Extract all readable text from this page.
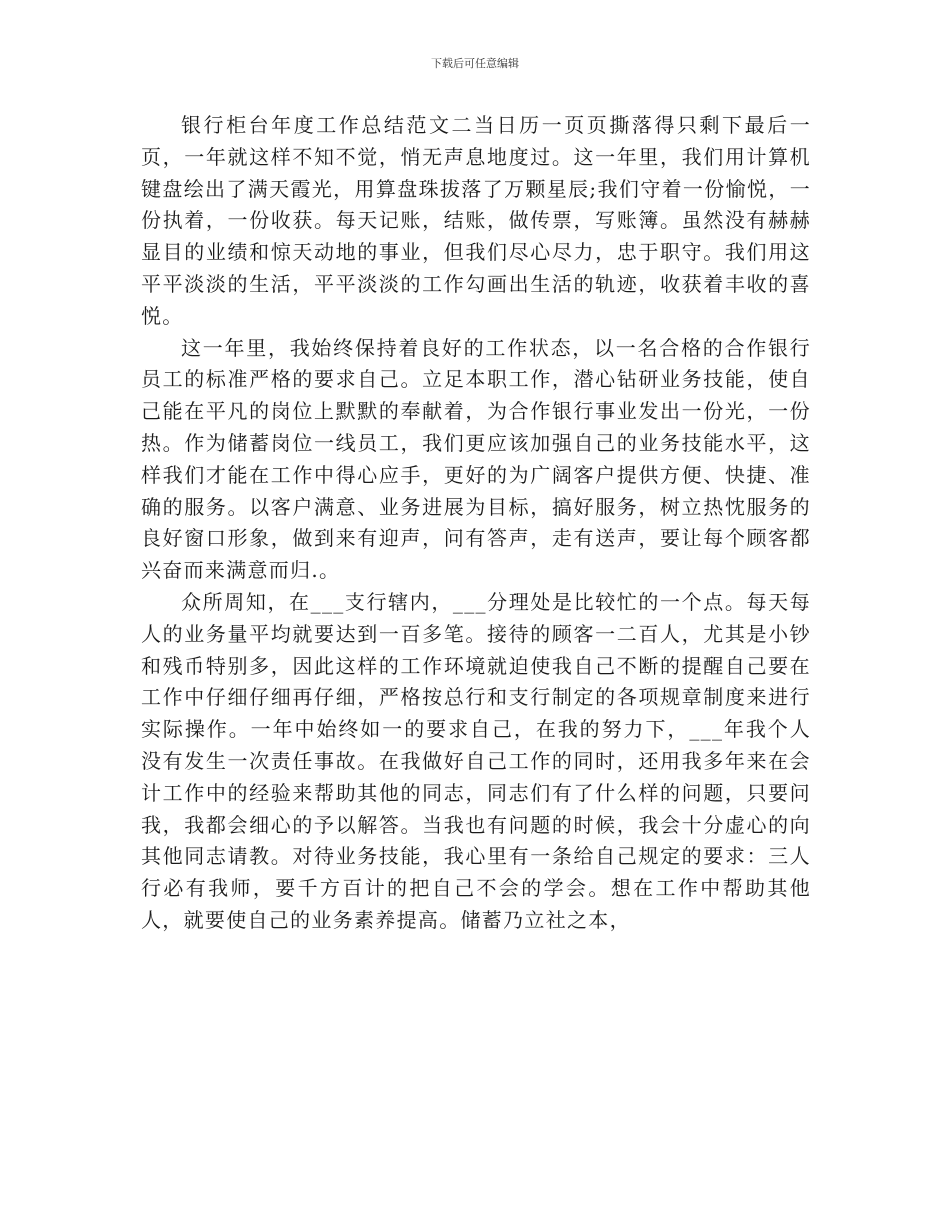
下载后可任意编辑

银行柜台年度工作总结范文二当日历一页页撕落得只剩下最后一页，一年就这样不知不觉，悄无声息地度过。这一年里，我们用计算机键盘绘出了满天霞光，用算盘珠拔落了万颗星辰;我们守着一份愉悦，一份执着，一份收获。每天记账，结账，做传票，写账簿。虽然没有赫赫显目的业绩和惊天动地的事业，但我们尽心尽力，忠于职守。我们用这平平淡淡的生活，平平淡淡的工作勾画出生活的轨迹，收获着丰收的喜悦。

这一年里，我始终保持着良好的工作状态，以一名合格的合作银行员工的标准严格的要求自己。立足本职工作，潜心钻研业务技能，使自己能在平凡的岗位上默默的奉献着，为合作银行事业发出一份光，一份热。作为储蓄岗位一线员工，我们更应该加强自己的业务技能水平，这样我们才能在工作中得心应手，更好的为广阔客户提供方便、快捷、准确的服务。以客户满意、业务进展为目标，搞好服务，树立热忱服务的良好窗口形象，做到来有迎声，问有答声，走有送声，要让每个顾客都兴奋而来满意而归.。

众所周知，在___支行辖内，___分理处是比较忙的一个点。每天每人的业务量平均就要达到一百多笔。接待的顾客一二百人，尤其是小钞和残币特别多，因此这样的工作环境就迫使我自己不断的提醒自己要在工作中仔细仔细再仔细，严格按总行和支行制定的各项规章制度来进行实际操作。一年中始终如一的要求自己，在我的努力下，___年我个人没有发生一次责任事故。在我做好自己工作的同时，还用我多年来在会计工作中的经验来帮助其他的同志，同志们有了什么样的问题，只要问我，我都会细心的予以解答。当我也有问题的时候，我会十分虚心的向其他同志请教。对待业务技能，我心里有一条给自己规定的要求：三人行必有我师，要千方百计的把自己不会的学会。想在工作中帮助其他人，就要使自己的业务素养提高。储蓄乃立社之本，
